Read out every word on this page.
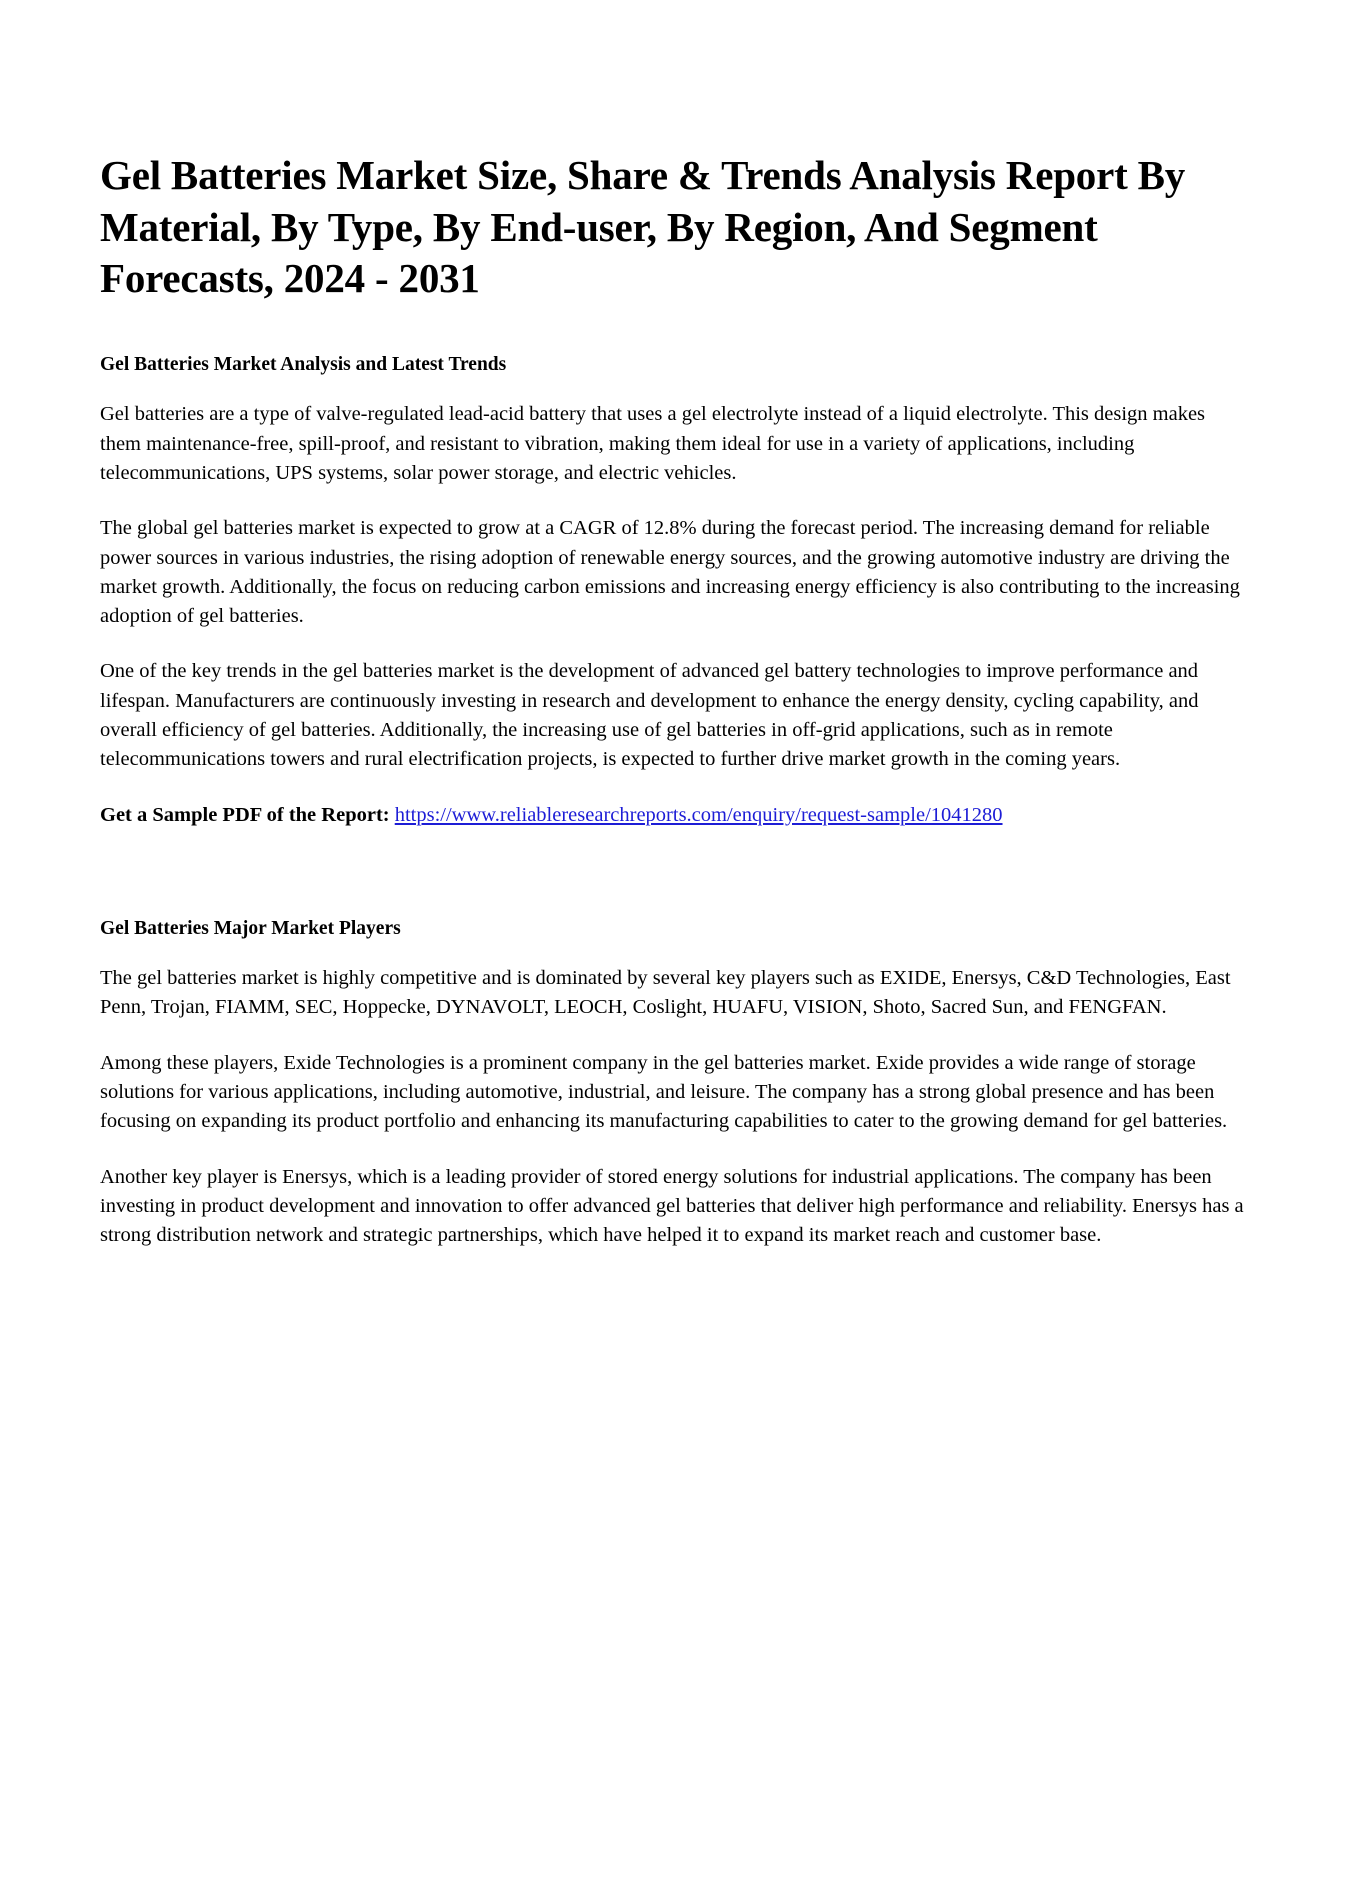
Gel Batteries Market Size, Share & Trends Analysis Report By Material, By Type, By End-user, By Region, And Segment Forecasts, 2024 - 2031
Gel Batteries Market Analysis and Latest Trends

Gel batteries are a type of valve-regulated lead-acid battery that uses a gel electrolyte instead of a liquid electrolyte. This design makes them maintenance-free, spill-proof, and resistant to vibration, making them ideal for use in a variety of applications, including telecommunications, UPS systems, solar power storage, and electric vehicles.

The global gel batteries market is expected to grow at a CAGR of 12.8% during the forecast period. The increasing demand for reliable power sources in various industries, the rising adoption of renewable energy sources, and the growing automotive industry are driving the market growth. Additionally, the focus on reducing carbon emissions and increasing energy efficiency is also contributing to the increasing adoption of gel batteries.

One of the key trends in the gel batteries market is the development of advanced gel battery technologies to improve performance and lifespan. Manufacturers are continuously investing in research and development to enhance the energy density, cycling capability, and overall efficiency of gel batteries. Additionally, the increasing use of gel batteries in off-grid applications, such as in remote telecommunications towers and rural electrification projects, is expected to further drive market growth in the coming years.

Get a Sample PDF of the Report: https://www.reliableresearchreports.com/enquiry/request-sample/1041280

Gel Batteries Major Market Players

The gel batteries market is highly competitive and is dominated by several key players such as EXIDE, Enersys, C&D Technologies, East Penn, Trojan, FIAMM, SEC, Hoppecke, DYNAVOLT, LEOCH, Coslight, HUAFU, VISION, Shoto, Sacred Sun, and FENGFAN.

Among these players, Exide Technologies is a prominent company in the gel batteries market. Exide provides a wide range of storage solutions for various applications, including automotive, industrial, and leisure. The company has a strong global presence and has been focusing on expanding its product portfolio and enhancing its manufacturing capabilities to cater to the growing demand for gel batteries.

Another key player is Enersys, which is a leading provider of stored energy solutions for industrial applications. The company has been investing in product development and innovation to offer advanced gel batteries that deliver high performance and reliability. Enersys has a strong distribution network and strategic partnerships, which have helped it to expand its market reach and customer base.
